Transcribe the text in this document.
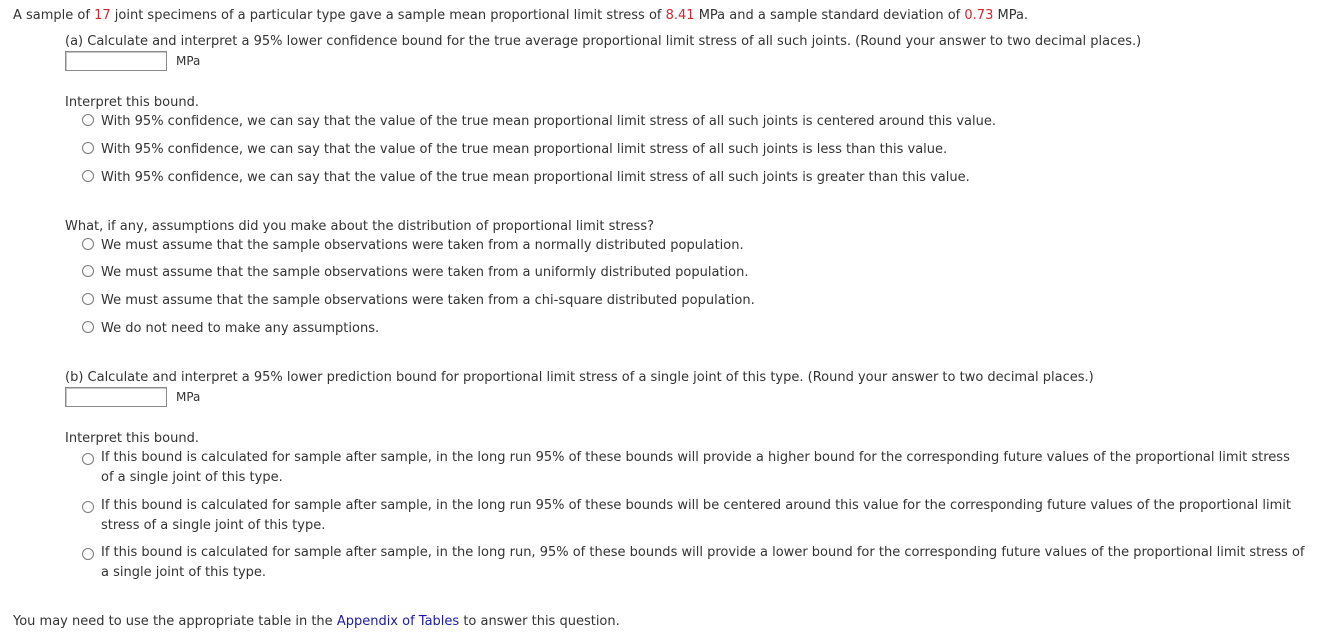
A sample of 17 joint specimens of a particular type gave a sample mean proportional limit stress of 8.41 MPa and a sample standard deviation of 0.73 MPa.
(a) Calculate and interpret a 95% lower confidence bound for the true average proportional limit stress of all such joints. (Round your answer to two decimal places.)
MPa
Interpret this bound.
With 95% confidence, we can say that the value of the true mean proportional limit stress of all such joints is centered around this value.
With 95% confidence, we can say that the value of the true mean proportional limit stress of all such joints is less than this value.
With 95% confidence, we can say that the value of the true mean proportional limit stress of all such joints is greater than this value.
What, if any, assumptions did you make about the distribution of proportional limit stress?
We must assume that the sample observations were taken from a normally distributed population.
We must assume that the sample observations were taken from a uniformly distributed population.
We must assume that the sample observations were taken from a chi-square distributed population.
We do not need to make any assumptions.
(b) Calculate and interpret a 95% lower prediction bound for proportional limit stress of a single joint of this type. (Round your answer to two decimal places.)
MPa
Interpret this bound.
If this bound is calculated for sample after sample, in the long run 95% of these bounds will provide a higher bound for the corresponding future values of the proportional limit stress of a single joint of this type.
If this bound is calculated for sample after sample, in the long run 95% of these bounds will be centered around this value for the corresponding future values of the proportional limit stress of a single joint of this type.
If this bound is calculated for sample after sample, in the long run, 95% of these bounds will provide a lower bound for the corresponding future values of the proportional limit stress of a single joint of this type.
You may need to use the appropriate table in the Appendix of Tables to answer this question.
